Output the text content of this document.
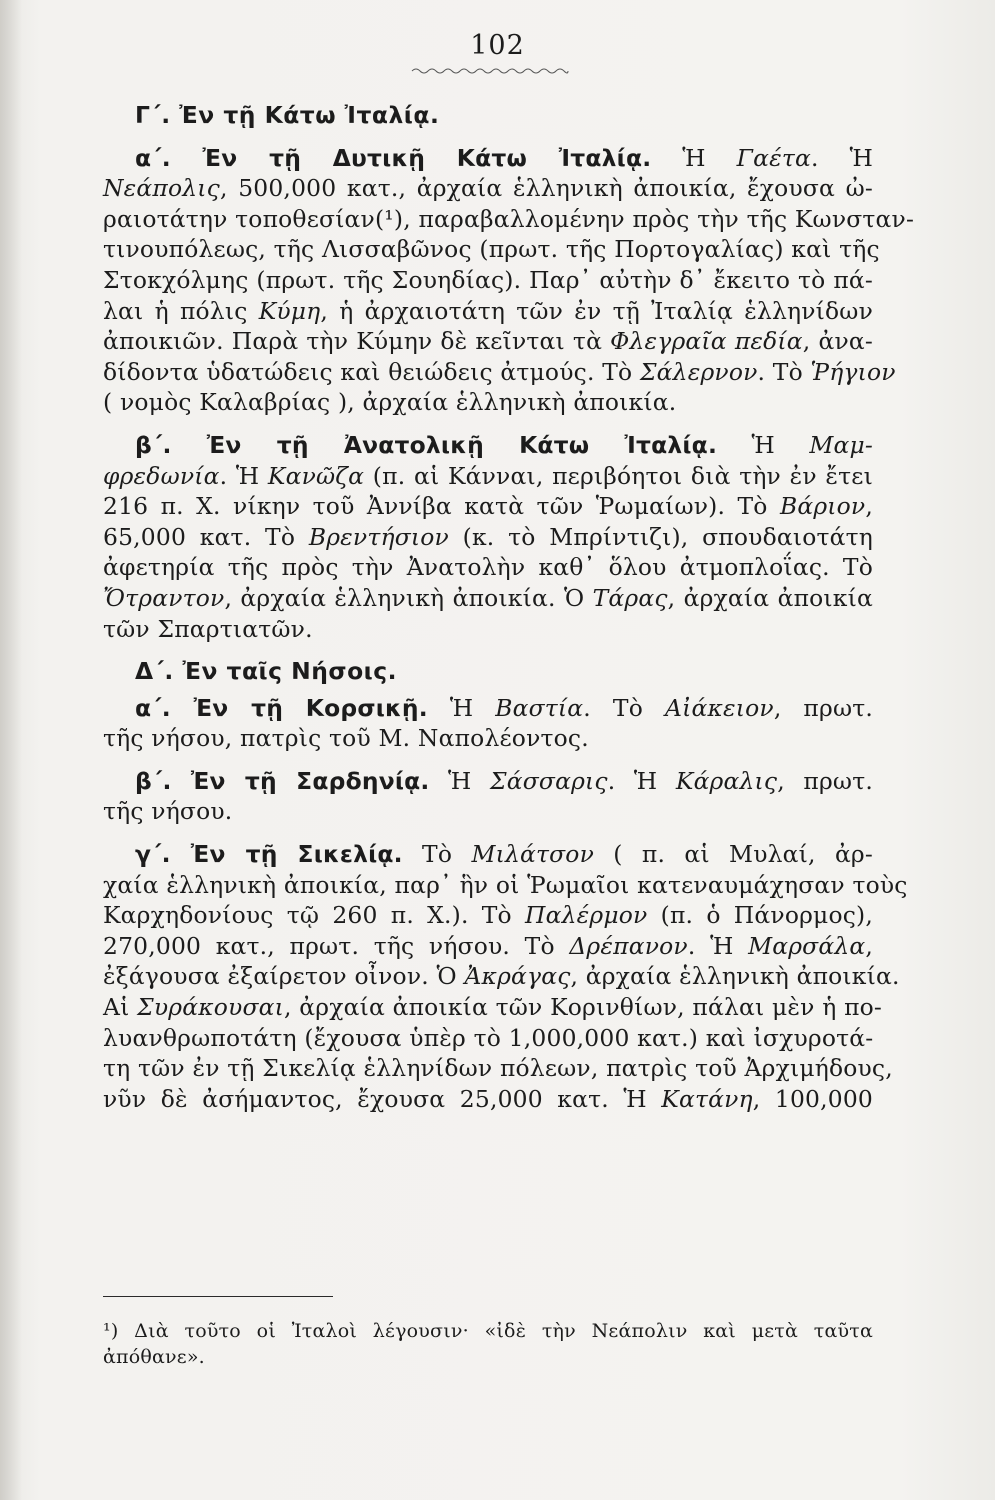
102
Γ΄. Ἐν τῇ Κάτω Ἰταλίᾳ.
α΄. Ἐν τῇ Δυτικῇ Κάτω Ἰταλίᾳ. Ἡ Γαέτα. Ἡ
Νεάπολις, 500,000 κατ., ἀρχαία ἑλληνικὴ ἀποικία, ἔχουσα ὠ-
ραιοτάτην τοποθεσίαν(¹), παραβαλλομένην πρὸς τὴν τῆς Κωνσταν-
τινουπόλεως, τῆς Λισσαβῶνος (πρωτ. τῆς Πορτογαλίας) καὶ τῆς
Στοκχόλμης (πρωτ. τῆς Σουηδίας). Παρ᾽ αὐτὴν δ᾽ ἔκειτο τὸ πά-
λαι ἡ πόλις Κύμη, ἡ ἀρχαιοτάτη τῶν ἐν τῇ Ἰταλίᾳ ἑλληνίδων
ἀποικιῶν. Παρὰ τὴν Κύμην δὲ κεῖνται τὰ Φλεγραῖα πεδία, ἀνα-
δίδοντα ὑδατώδεις καὶ θειώδεις ἀτμούς. Τὸ Σάλερνον. Τὸ Ῥήγιον
( νομὸς Καλαβρίας ), ἀρχαία ἑλληνικὴ ἀποικία.
β΄. Ἐν τῇ Ἀνατολικῇ Κάτω Ἰταλίᾳ. Ἡ Μαμ-
φρεδωνία. Ἡ Κανῶζα (π. αἱ Κάνναι, περιβόητοι διὰ τὴν ἐν ἔτει
216 π. Χ. νίκην τοῦ Ἀννίβα κατὰ τῶν Ῥωμαίων). Τὸ Βάριον,
65,000 κατ. Τὸ Βρεντήσιον (κ. τὸ Μπρίντιζι), σπουδαιοτάτη
ἀφετηρία τῆς πρὸς τὴν Ἀνατολὴν καθ᾽ ὅλου ἀτμοπλοΐας. Τὸ
Ὄτραντον, ἀρχαία ἑλληνικὴ ἀποικία. Ὁ Τάρας, ἀρχαία ἀποικία
τῶν Σπαρτιατῶν.
Δ΄. Ἐν ταῖς Νήσοις.
α΄. Ἐν τῇ Κορσικῇ. Ἡ Βαστία. Τὸ Αἰάκειον, πρωτ.
τῆς νήσου, πατρὶς τοῦ Μ. Ναπολέοντος.
β΄. Ἐν τῇ Σαρδηνίᾳ. Ἡ Σάσσαρις. Ἡ Κάραλις, πρωτ.
τῆς νήσου.
γ΄. Ἐν τῇ Σικελίᾳ. Τὸ Μιλάτσον ( π. αἱ Μυλαί, ἀρ-
χαία ἑλληνικὴ ἀποικία, παρ᾽ ἣν οἱ Ῥωμαῖοι κατεναυμάχησαν τοὺς
Καρχηδονίους τῷ 260 π. Χ.). Τὸ Παλέρμον (π. ὁ Πάνορμος),
270,000 κατ., πρωτ. τῆς νήσου. Τὸ Δρέπανον. Ἡ Μαρσάλα,
ἐξάγουσα ἐξαίρετον οἶνον. Ὁ Ἀκράγας, ἀρχαία ἑλληνικὴ ἀποικία.
Αἱ Συράκουσαι, ἀρχαία ἀποικία τῶν Κορινθίων, πάλαι μὲν ἡ πο-
λυανθρωποτάτη (ἔχουσα ὑπὲρ τὸ 1,000,000 κατ.) καὶ ἰσχυροτά-
τη τῶν ἐν τῇ Σικελίᾳ ἑλληνίδων πόλεων, πατρὶς τοῦ Ἀρχιμήδους,
νῦν δὲ ἀσήμαντος, ἔχουσα 25,000 κατ. Ἡ Κατάνη, 100,000
¹) Διὰ τοῦτο οἱ Ἰταλοὶ λέγουσιν· «ἰδὲ τὴν Νεάπολιν καὶ μετὰ ταῦτα
ἀπόθανε».
